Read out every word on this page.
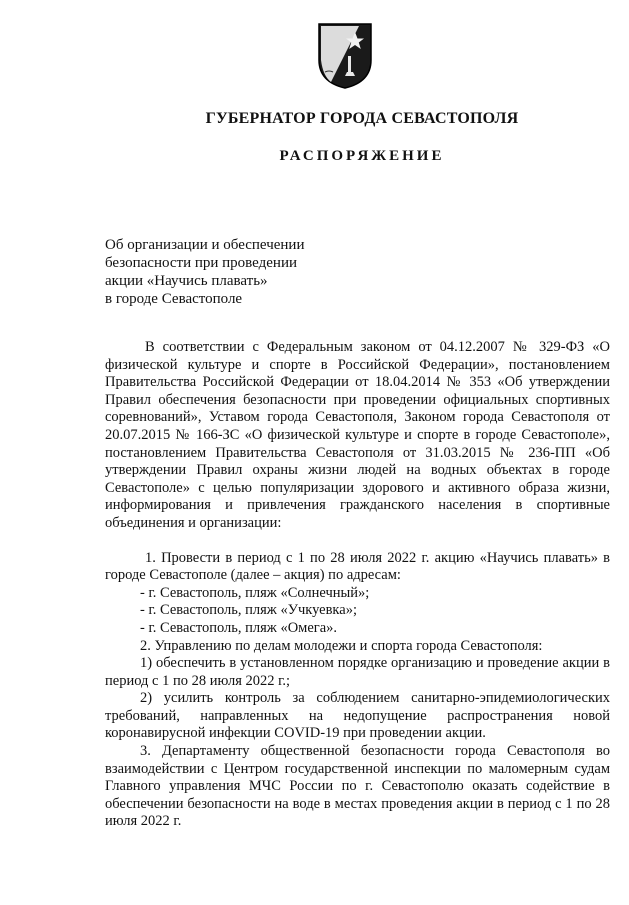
ГУБЕРНАТОР ГОРОДА СЕВАСТОПОЛЯ
РАСПОРЯЖЕНИЕ
Об организации и обеспечении
безопасности при проведении
акции «Научись плавать»
в городе Севастополе

В соответствии с Федеральным законом от 04.12.2007 № 329-ФЗ «О физической культуре и спорте в Российской Федерации», постановлением Правительства Российской Федерации от 18.04.2014 № 353 «Об утверждении Правил обеспечения безопасности при проведении официальных спортивных соревнований», Уставом города Севастополя, Законом города Севастополя от 20.07.2015 № 166-ЗС «О физической культуре и спорте в городе Севастополе», постановлением Правительства Севастополя от 31.03.2015 № 236-ПП «Об утверждении Правил охраны жизни людей на водных объектах в городе Севастополе» с целью популяризации здорового и активного образа жизни, информирования и привлечения гражданского населения в спортивные объединения и организации:

1. Провести в период с 1 по 28 июля 2022 г. акцию «Научись плавать» в городе Севастополе (далее – акция) по адресам:

- г. Севастополь, пляж «Солнечный»;

- г. Севастополь, пляж «Учкуевка»;

- г. Севастополь, пляж «Омега».

2. Управлению по делам молодежи и спорта города Севастополя:

1) обеспечить в установленном порядке организацию и проведение акции в период с 1 по 28 июля 2022 г.;

2) усилить контроль за соблюдением санитарно-эпидемиологических требований, направленных на недопущение распространения новой коронавирусной инфекции COVID-19 при проведении акции.

3. Департаменту общественной безопасности города Севастополя во взаимодействии с Центром государственной инспекции по маломерным судам Главного управления МЧС России по г. Севастополю оказать содействие в обеспечении безопасности на воде в местах проведения акции в период с 1 по 28 июля 2022 г.
